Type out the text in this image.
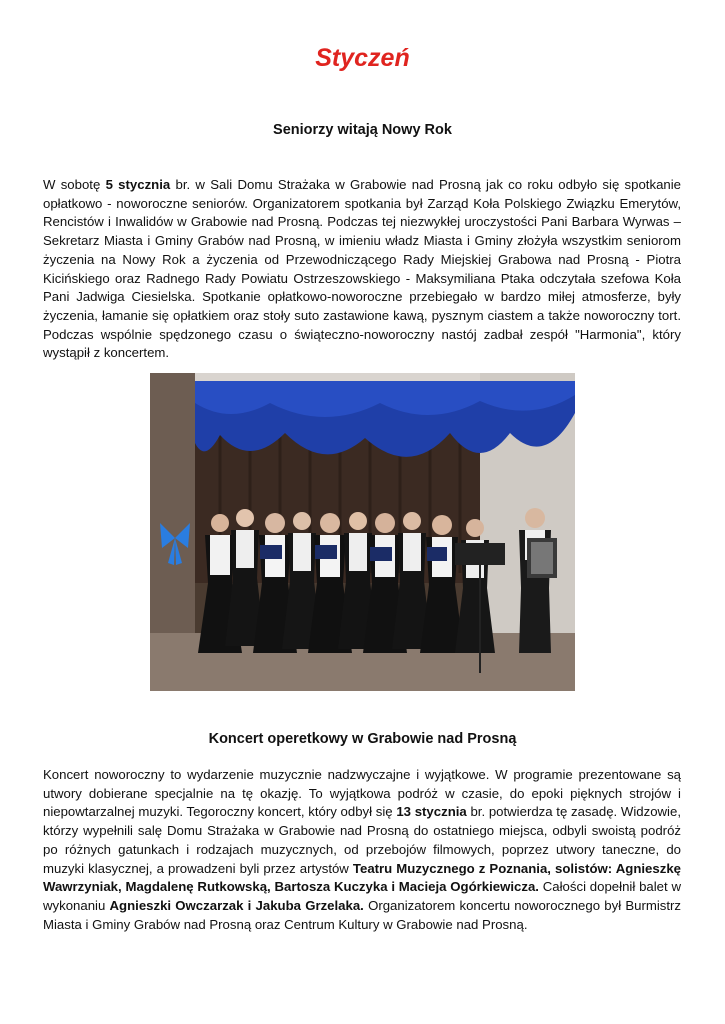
Styczeń
Seniorzy witają Nowy Rok
W sobotę 5 stycznia br. w Sali Domu Strażaka w Grabowie nad Prosną jak co roku odbyło się spotkanie opłatkowo - noworoczne seniorów. Organizatorem spotkania był Zarząd Koła Polskiego Związku Emerytów, Rencistów i Inwalidów w Grabowie nad Prosną. Podczas tej niezwykłej uroczystości Pani Barbara Wyrwas – Sekretarz Miasta i Gminy Grabów nad Prosną, w imieniu władz Miasta i Gminy złożyła wszystkim seniorom życzenia na Nowy Rok a życzenia od Przewodniczącego Rady Miejskiej Grabowa nad Prosną - Piotra Kicińskiego oraz Radnego Rady Powiatu Ostrzeszowskiego - Maksymiliana Ptaka odczytała szefowa Koła Pani Jadwiga Ciesielska. Spotkanie opłatkowo-noworoczne przebiegało w bardzo miłej atmosferze, były życzenia, łamanie się opłatkiem oraz stoły suto zastawione kawą, pysznym ciastem a także noworoczny tort. Podczas wspólnie spędzonego czasu o świąteczno-noworoczny nastój zadbał zespół "Harmonia", który wystąpił z koncertem.
Koncert operetkowy w Grabowie nad Prosną
Koncert noworoczny to wydarzenie muzycznie nadzwyczajne i wyjątkowe. W programie prezentowane są utwory dobierane specjalnie na tę okazję. To wyjątkowa podróż w czasie, do epoki pięknych strojów i niepowtarzalnej muzyki. Tegoroczny koncert, który odbył się 13 stycznia br. potwierdza tę zasadę. Widzowie, którzy wypełnili salę Domu Strażaka w Grabowie nad Prosną do ostatniego miejsca, odbyli swoistą podróż po różnych gatunkach i rodzajach muzycznych, od przebojów filmowych, poprzez utwory taneczne, do muzyki klasycznej, a prowadzeni byli przez artystów Teatru Muzycznego z Poznania, solistów: Agnieszkę Wawrzyniak, Magdalenę Rutkowską, Bartosza Kuczyka i Macieja Ogórkiewicza. Całości dopełnił balet w wykonaniu Agnieszki Owczarzak i Jakuba Grzelaka. Organizatorem koncertu noworocznego był Burmistrz Miasta i Gminy Grabów nad Prosną oraz Centrum Kultury w Grabowie nad Prosną.
